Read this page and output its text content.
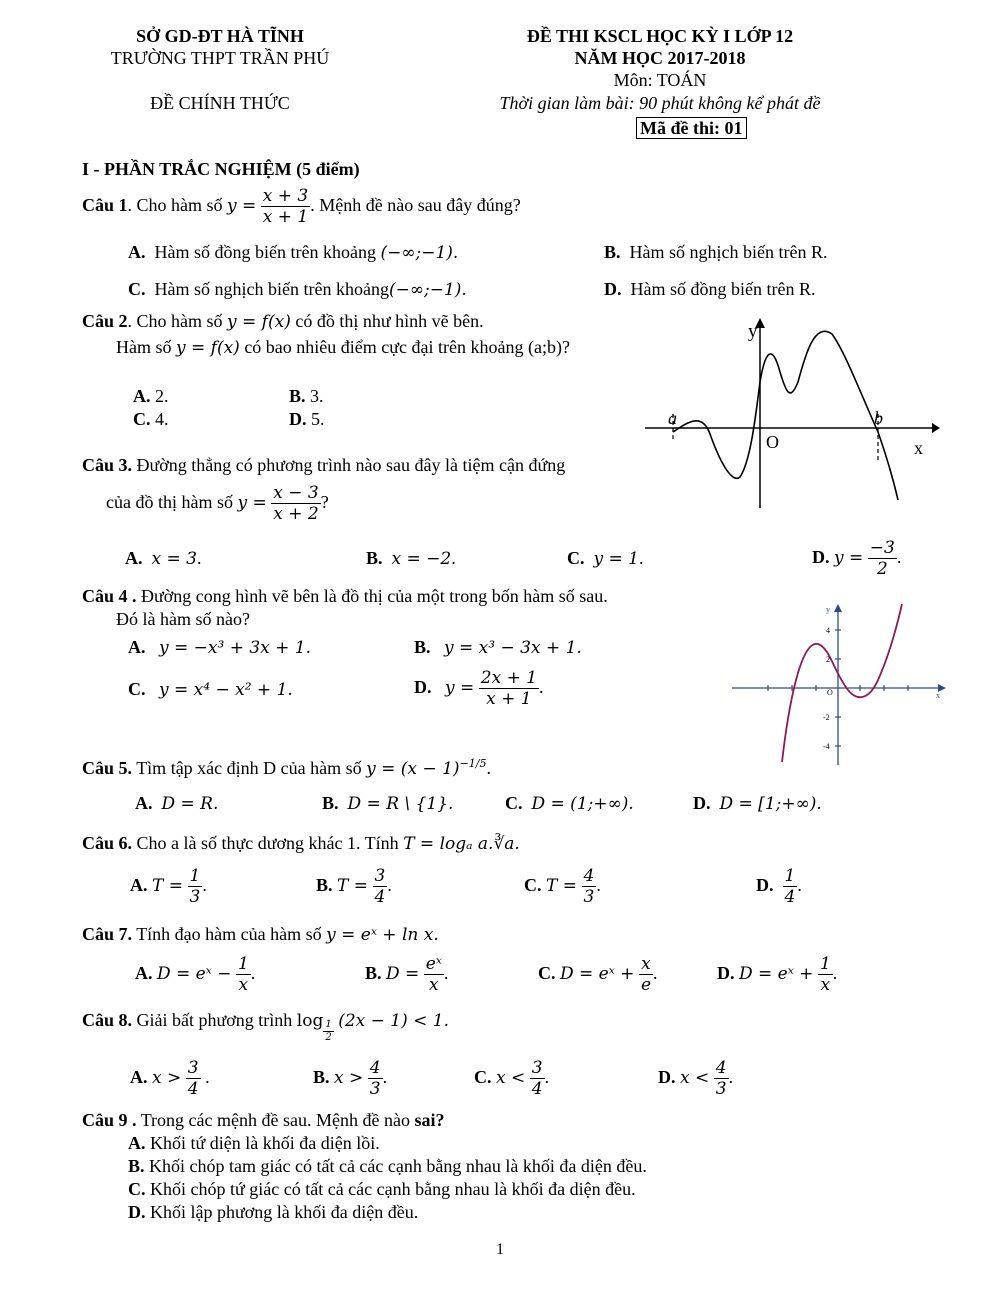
SỞ GD-ĐT HÀ TĨNH
TRƯỜNG THPT TRẦN PHÚ
ĐỀ CHÍNH THỨC
ĐỀ THI KSCL HỌC KỲ I LỚP 12
NĂM HỌC 2017-2018
Môn: TOÁN
Thời gian làm bài: 90 phút không kể phát đề
Mã đề thi: 01
I - PHẦN TRẮC NGHIỆM (5 điểm)
Câu 1. Cho hàm số $y = \frac{x + 3}{x + 1}$ . Mệnh đề nào sau đây đúng?
A. Hàm số đồng biến trên khoảng (−∞;−1).	B. Hàm số nghịch biến trên R.
C. Hàm số nghịch biến trên khoảng(−∞;−1).	D. Hàm số đồng biến trên R.
Câu 2. Cho hàm số y = f(x) có đồ thị như hình vẽ bên.
Hàm số y = f(x) có bao nhiêu điểm cực đại trên khoảng (a;b)?
A. 2.	B. 3.
C. 4.	D. 5.
y
x
O
a	b
Câu 3. Đường thẳng có phương trình nào sau đây là tiệm cận đứng
của đồ thị hàm số $y = \frac{x - 3}{x + 2}$ ?
A. x = 3.	B. x = −2.	C. y = 1.	D. $y = \frac{-3}{2}$ .
Câu 4 . Đường cong hình vẽ bên là đồ thị của một trong bốn hàm số sau.
Đó là hàm số nào?
A. y = −x³ + 3x + 1.	B. y = x³ − 3x + 1.
C. y = x⁴ − x² + 1.	D. $y = \frac{2x + 1}{x + 1}$ .
y
x
4
2
O
-2
-4
Câu 5. Tìm tập xác định D của hàm số $y = (x - 1)^{-1/5}$.
A. D = R.	B. D = R \ {1}.	C. D = (1;+∞).	D. D = [1;+∞).
Câu 6. Cho a là số thực dương khác 1. Tính T = logₐ a.∛a.
A. $T = \frac{1}{3}$ .	B. $T = \frac{3}{4}$ .	C. $T = \frac{4}{3}$ .	D. $\frac{1}{4}$ .
Câu 7. Tính đạo hàm của hàm số y = eˣ + ln x.
A. D = eˣ − $\frac{1}{x}$ .	B. $D = \frac{\text{eˣ}}{x}$ .	C. D = eˣ + $\frac{x}{e}$ .	D. D = eˣ + $\frac{1}{x}$ .
Câu 8. Giải bất phương trình $\log \frac{1}{2} (2x - 1) < 1$.
A. $x > \frac{3}{4}$ .	B. $x > \frac{4}{3}$ .	C. $x < \frac{3}{4}$ .	D. $x < \frac{4}{3}$ .
Câu 9 . Trong các mệnh đề sau. Mệnh đề nào sai?
A. Khối tứ diện là khối đa diện lồi.
B. Khối chóp tam giác có tất cả các cạnh bằng nhau là khối đa diện đều.
C. Khối chóp tứ giác có tất cả các cạnh bằng nhau là khối đa diện đều.
D. Khối lập phương là khối đa diện đều.
1
